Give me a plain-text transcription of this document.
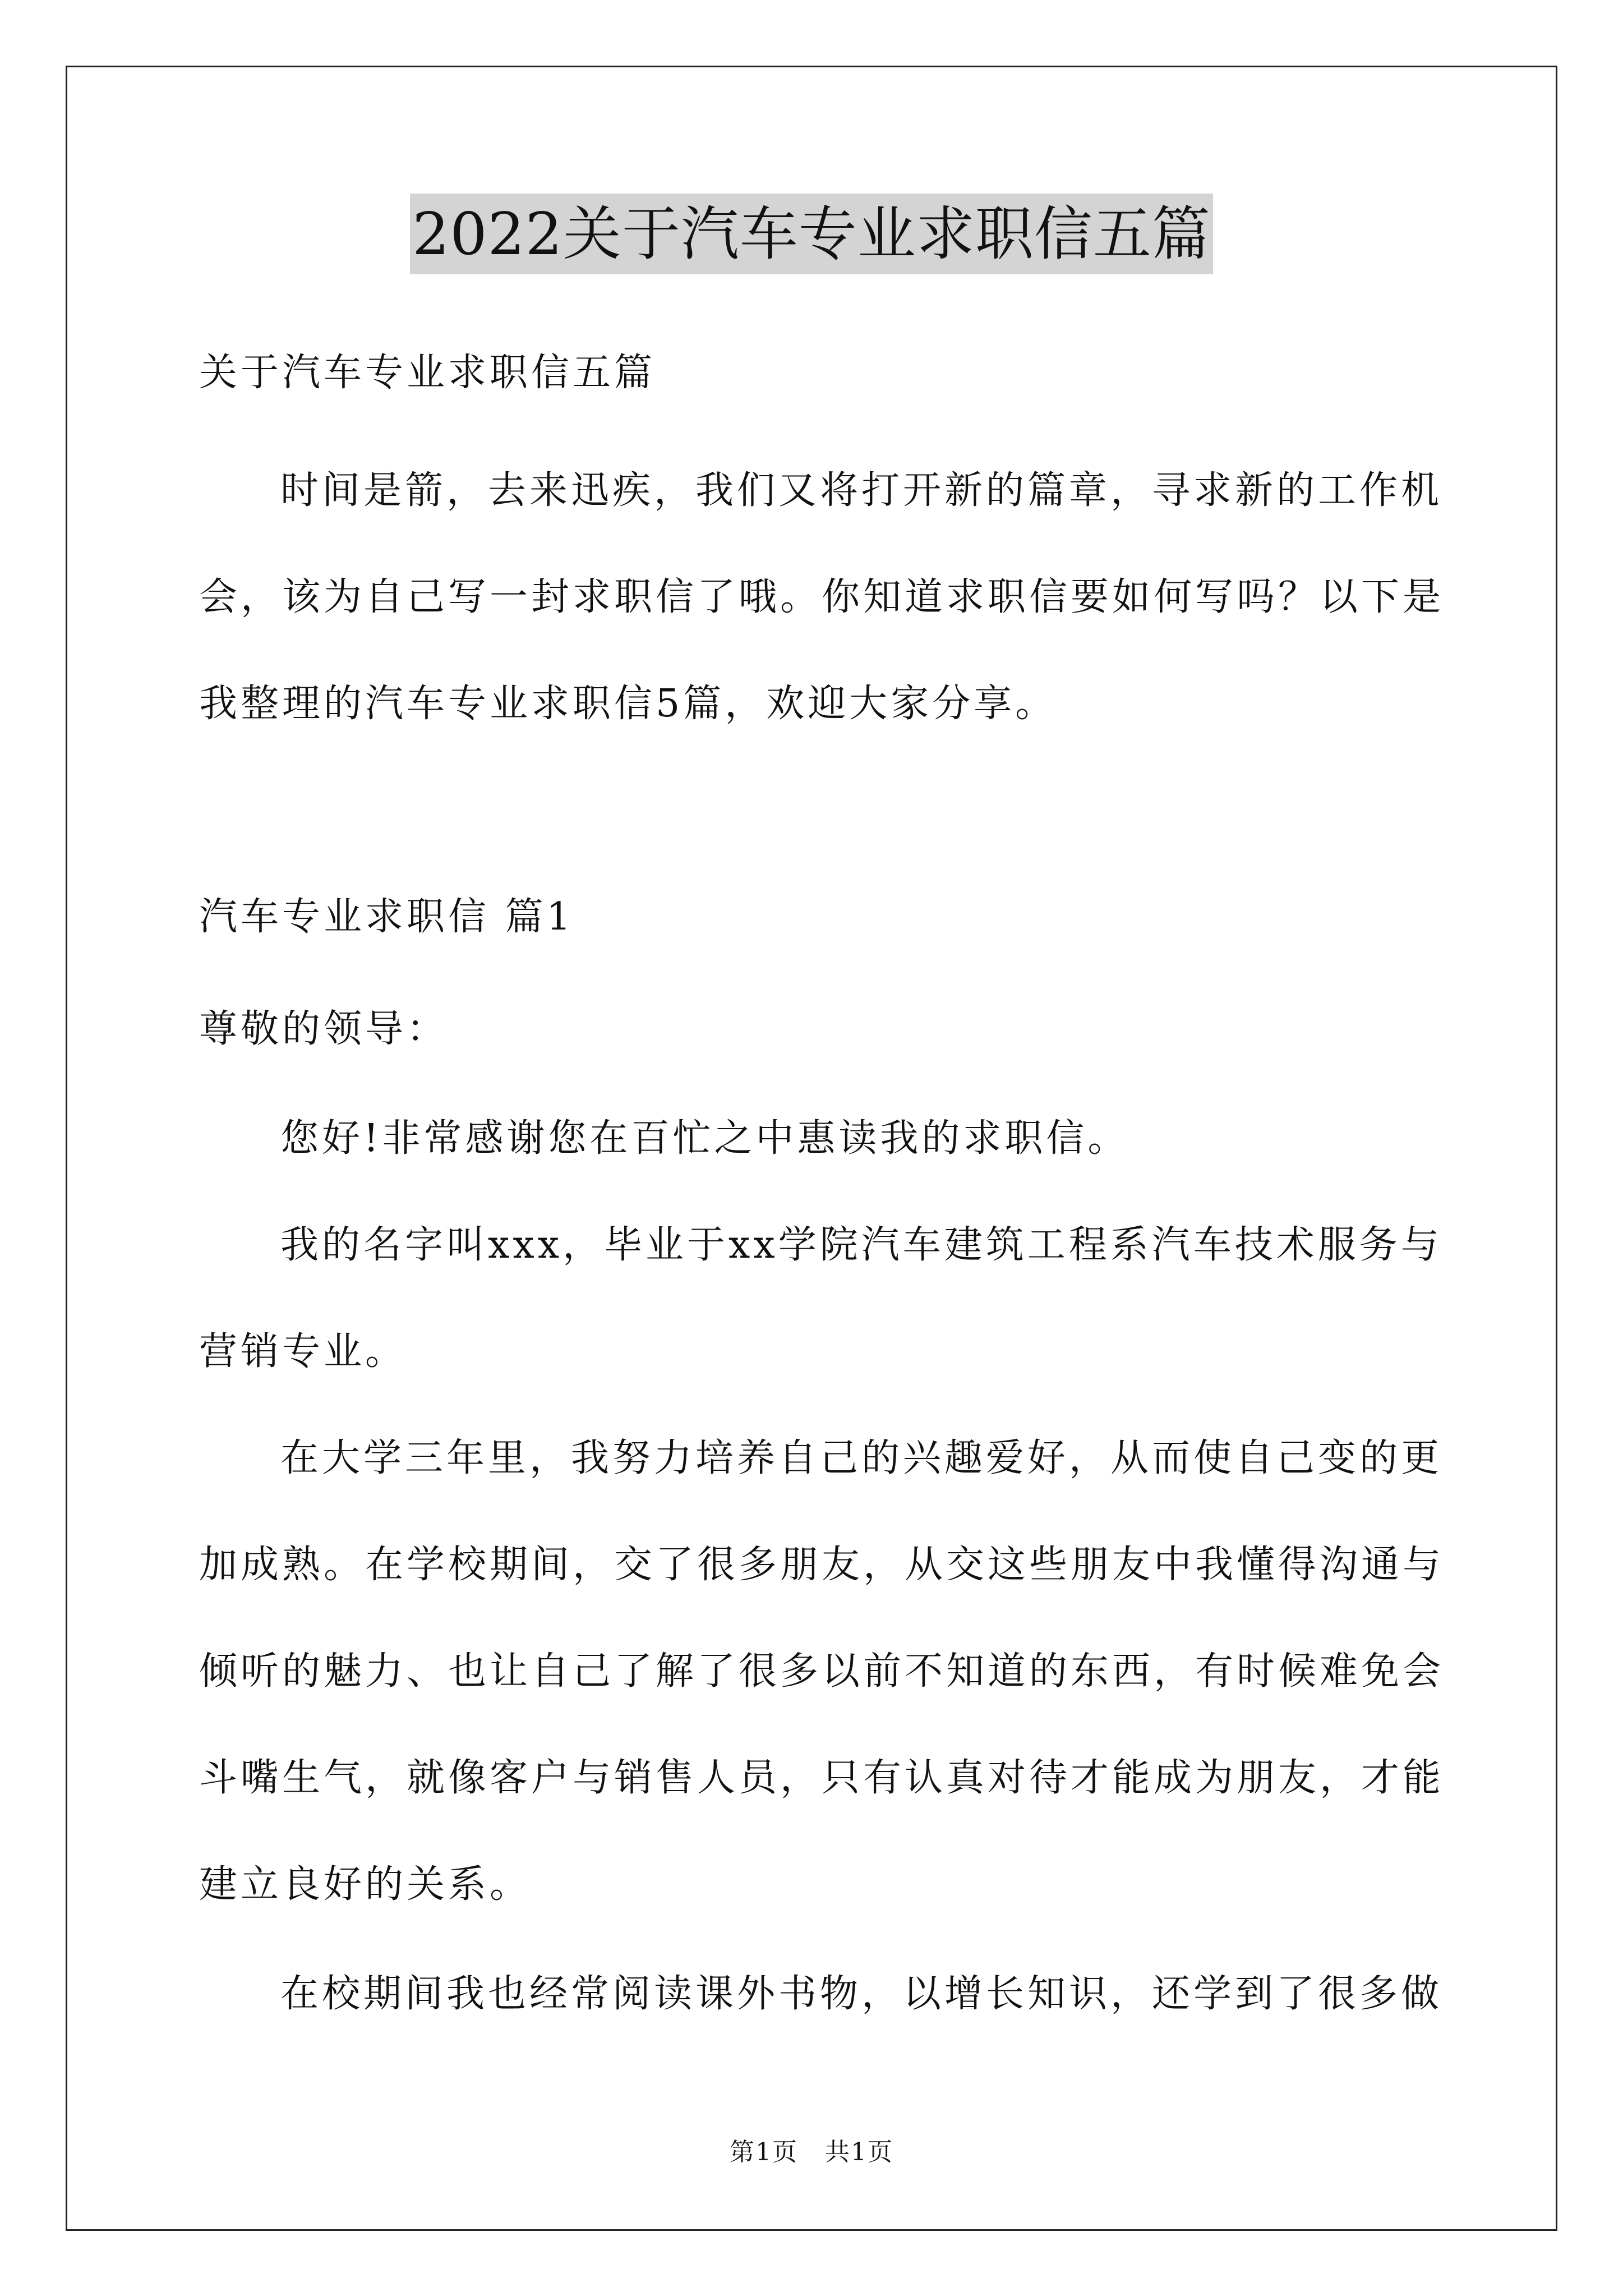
2022关于汽车专业求职信五篇
关于汽车专业求职信五篇
时间是箭，去来迅疾，我们又将打开新的篇章，寻求新的工作机
会，该为自己写一封求职信了哦。你知道求职信要如何写吗？以下是
我整理的汽车专业求职信5篇，欢迎大家分享。
汽车专业求职信 篇1
尊敬的领导：
您好!非常感谢您在百忙之中惠读我的求职信。
我的名字叫xxx，毕业于xx学院汽车建筑工程系汽车技术服务与
营销专业。
在大学三年里，我努力培养自己的兴趣爱好，从而使自己变的更
加成熟。在学校期间，交了很多朋友，从交这些朋友中我懂得沟通与
倾听的魅力、也让自己了解了很多以前不知道的东西，有时候难免会
斗嘴生气，就像客户与销售人员，只有认真对待才能成为朋友，才能
建立良好的关系。
在校期间我也经常阅读课外书物，以增长知识，还学到了很多做
第1页   共1页
